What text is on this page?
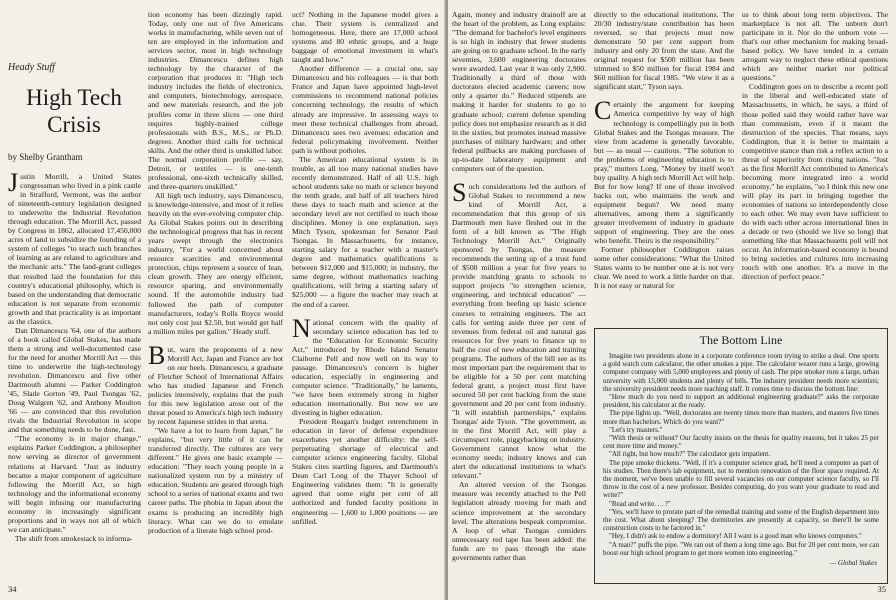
Heady Stuff
High Tech Crisis
by Shelby Grantham

Justin Morrill, a United States congressman who lived in a pink castle in Strafford, Vermont, was the author of nineteenth-century legislation designed to underwrite the Industrial Revolution through education. The Morrill Act, passed by Congress in 1862, allocated 17,450,000 acres of land to subsidize the founding of a system of colleges "to teach such branches of learning as are related to agriculture and the mechanic arts." The land-grant colleges that resulted laid the foundation for this country's educational philosophy, which is based on the understanding that democratic education is not separate from economic growth and that practicality is as important as the classics.

Dan Dimancescu '64, one of the authors of a book called Global Stakes, has made them a strong and well-documented case for the need for another Morrill Act — this time to underwrite the high-technology revolution. Dimancescu and five other Dartmouth alumni — Parker Coddington '45, Slade Gorton '49, Paul Tsongas '62, Doug Walgren '62, and Anthony Moulton '66 — are convinced that this revolution rivals the Industrial Revolution in scope and that something needs to be done, fast.

"The economy is in major change," explains Parker Coddington, a philosopher now serving as director of government relations at Harvard. "Just as industry became a major component of agriculture following the Morrill Act, so high technology and the informational economy will begin infusing our manufacturing economy in increasingly significant proportions and in ways not all of which we can anticipate."

The shift from smokestack to informa-

tion economy has been dizzingly rapid. Today, only one out of five Americans works in manufacturing, while seven out of ten are employed in the information and services sector, most in high technology industries. Dimancescu defines high technology by the character of the corporation that produces it: "High tech industry includes the fields of electronics, and computers, biotechnology, aerospace, and new materials research, and the job profiles come in three slices — one third requires highly-trained college professionals with B.S., M.S., or Ph.D. degrees. Another third calls for technical skills. And the other third is unskilled labor. The normal corporation profile — say, Detroit, or textiles — is one-tenth professional, one-sixth technically skilled, and three-quarters unskilled."

All high tech industry, says Dimancescu, is knowledge-intensive, and most of it relies heavily on the ever-evolving computer chip. As Global Stakes points out in describing the technological progress that has in recent years swept through the electronics industry, "For a world concerned about resource scarcities and environmental protection, chips represent a source of lean, clean growth. They are energy efficient, resource sparing, and environmentally sound. If the automobile industry had followed the path of computer manufacturers, today's Rolls Royce would not only cost just $2.50, but would get half a million miles per gallon." Heady stuff.

But, warn the proponents of a new Morrill Act, Japan and France are hot on our heels. Dimancescu, a graduate of Fletcher School of International Affairs who has studied Japanese and French policies intensively, explains that the push for this new legislation arose out of the threat posed to America's high tech industry by recent Japanese strides in that arena.

"We have a lot to learn from Japan," he explains, "but very little of it can be transferred directly. The cultures are very different." He gives one basic example — education: "They teach young people in a nationalized system run by a ministry of education. Students are geared through high school to a series of national exams and two career paths. The phobia in Japan about the exams is producing an incredibly high literacy. What can we do to emulate production of a literate high school prod-

uct? Nothing in the Japanese model gives a clue. Their system is centralized and homogeneous. Here, there are 17,000 school systems and 80 ethnic groups, and a huge baggage of emotional investment in what's taught and how."

Another difference — a crucial one, say Dimancescu and his colleagues — is that both France and Japan have appointed high-level commissions to recommend national policies concerning technology, the results of which already are impressive. In assessing ways to meet these technical challenges from abroad, Dimancescu sees two avenues: education and federal policymaking involvement. Neither path is without potholes.

The American educational system is in trouble, as all too many national studies have recently demonstrated. Half of all U.S. high school students take no math or science beyond the tenth grade, and half of all teachers hired these days to teach math and science at the secondary level are not certified to teach those disciplines. Money is one explanation, says Mitch Tyson, spokesman for Senator Paul Tsongas. In Massachusetts, for instance, starting salary for a teacher with a master's degree and mathematics qualifications is between $12,000 and $15,000; in industry, the same degree, without mathematics teaching qualifications, will bring a starting salary of $25,000 — a figure the teacher may reach at the end of a career.

National concern with the quality of secondary science education has led to the "Education for Economic Security Act," introduced by Rhode Island Senator Claiborne Pell and now well on its way to passage. Dimancescu's concern is higher education, especially in engineering and computer science. "Traditionally," he laments, "we have been extremely strong in higher education internationally. But now we are divesting in higher education.

President Reagan's budget retrenchment in education in favor of defense expenditure exacerbates yet another difficulty: the self-perpetuating shortage of electrical and computer science engineering faculty. Global Stakes cites startling figures, and Dartmouth's Dean Carl Long of the Thayer School of Engineering validates them: "It is generally agreed that some eight per cent of all authorized and funded faculty positions in engineering — 1,600 to 1,800 positions — are unfilled.

34

Again, money and industry drainoff are at the heart of the problem, as Long explains: "The demand for bachelor's level engineers is so high in industry that fewer students are going on to graduate school. In the early seventies, 3,600 engineering doctorates were awarded. Last year it was only 2,900. Traditionally a third of those with doctorates elected academic careers; now only a quarter do." Reduced stipends are making it harder for students to go to graduate school; current defense spending policy does not emphasize research as it did in the sixties, but promotes instead massive purchases of military hardware; and other federal pullbacks are making purchases of up-to-date laboratory equipment and computers out of the question.

Such considerations led the authors of Global Stakes to recommend a new kind of Morrill Act, a recommendation that this group of six Dartmouth men have fleshed out in the form of a bill known as "The High Technology Morrill Act." Originally sponsored by Tsongas, the measure recommends the setting up of a trust fund of $500 million a year for five years to provide matching grants to schools to support projects "to strengthen science, engineering, and technical education" — everything from beefing up basic science courses to retraining engineers. The act calls for setting aside three per cent of revenues from federal oil and natural gas resources for five years to finance up to half the cost of new education and training programs. The authors of the bill see as its most important part the requirement that to be eligible for a 50 per cent matching federal grant, a project must first have secured 50 per cent backing from the state government and 20 per cent from industry. "It will establish partnerships," explains Tsongas' aide Tyson. "The government, as in the first Morrill Act, will play a circumspect role, piggybacking on industry. Government cannot know what the economy needs; industry knows and can alert the educational institutions to what's relevant."

An altered version of the Tsongas measure was recently attached to the Pell legislation already moving for math and science improvement at the secondary level. The alterations bespeak compromise. A loop of what Tsongas considers unnecessary red tape has been added: the funds are to pass through the state governments rather than

directly to the educational institutions. The 20/30 industry/state contribution has been reversed, so that projects must now demonstrate 50 per cent support from industry and only 20 from the state. And the original request for $500 million has been trimmed to $50 million for fiscal 1984 and $60 million for fiscal 1985. "We view it as a significant start," Tyson says.

Certainly the argument for keeping America competitive by way of high technology is compellingly put in both Global Stakes and the Tsongas measure. The view from academe is generally favorable, but — as usual — cautious. "The solution to the problems of engineering education is to pray," mutters Long. "Money by itself won't buy quality. A high tech Morrill Act will help. But for how long? If one of those involved backs out, who maintains the work and equipment begun? We need many alternatives, among them a significantly greater involvement of industry in graduate support of engineering. They are the ones who benefit. Theirs is the responsibility."

Former philosopher Coddington raises some other considerations: "What the United States wants to be number one at is not very clear. We need to work a little harder on that. It is not easy or natural for

us to think about long term objectives. The marketplace is not all. The unborn don't participate in it. Nor do the unborn vote — that's our other mechanism for making broad-based policy. We have tended in a certain arrogant way to neglect these ethical questions which are neither market nor political questions."

Coddington goes on to describe a recent poll in the liberal and well-educated state of Massachusetts, in which, he says, a third of those polled said they would rather have war than communism, even if it meant the destruction of the species. That means, says Coddington, that it is better to maintain a competitive stance than risk a reflex action to a threat of superiority from rising nations. "Just as the first Morrill Act contributed to America's becoming more integrated into a world economy," he explains, "so I think this new one will play its part in bringing together the economies of nations so interdependently close to each other. We may even have sufficient to do with each other across international lines in a decade or two (should we live so long) that something like that Massachusetts poll will not occur. An information-based economy is bound to bring societies and cultures into increasing touch with one another. It's a move in the direction of perfect peace."

The Bottom Line

Imagine two presidents alone in a corporate conference room trying to strike a deal. One sports a gold watch cum calculator, the other smokes a pipe. The calculator wearer runs a large, growing computer company with 5,000 employees and plenty of cash. The pipe smoker runs a large, urban university with 15,000 students and plenty of bills. The industry president needs more scientists; the university president needs more teaching staff. It comes time to discuss the bottom line:

"How much do you need to support an additional engineering graduate?" asks the corporate president, his calculator at the ready.

The pipe lights up. "Well, doctorates are twenty times more than masters, and masters five times more than bachelors. Which do you want?"

"Let's try masters."

"With thesis or without? Our faculty insists on the thesis for quality reasons, but it takes 25 per cent more time and money."

"All right, but how much?" The calculator gets impatient.

The pipe smoke thickens. "Well, if it's a computer science grad, he'll need a computer as part of his studies. Then there's lab equipment, not to mention renovation of the floor space required. At the moment, we've been unable to fill several vacancies on our computer science faculty, so I'll throw in the cost of a new professor. Besides computing, do you want your graduate to read and write?"

"Read and write. . . ?"

"Yes, we'll have to prorate part of the remedial training and some of the English department into the cost. What about sleeping? The dormitories are presently at capacity, so there'll be some construction costs to be factored in."

"Hey, I didn't ask to endow a dormitory! All I want is a good man who knows computers."

"A man?" puffs the pipe. "We ran out of them a long time ago. But for 20 per cent more, we can boost our high school program to get more women into engineering."

— Global Stakes
35
